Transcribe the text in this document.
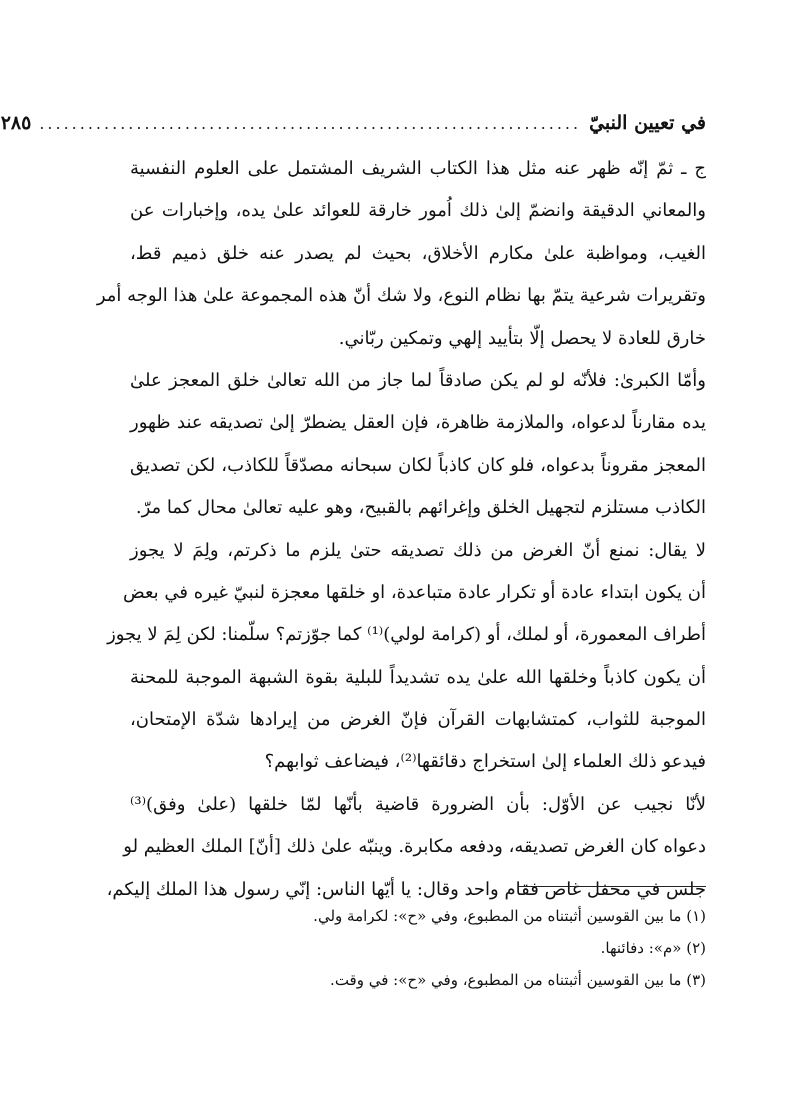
في تعيين النبيّ
...................................................................
٢٨٥
ج ـ ثمّ إنّه ظهر عنه مثل هذا الكتاب الشريف المشتمل على العلوم النفسية
والمعاني الدقيقة وانضمّ إلىٰ ذلك اُمور خارقة للعوائد علىٰ يده، وإخبارات عن
الغيب، ومواظبة علىٰ مكارم الأخلاق، بحيث لم يصدر عنه خلق ذميم قط،
وتقريرات شرعية يتمّ بها نظام النوع، ولا شك أنّ هذه المجموعة علىٰ هذا الوجه أمر
خارق للعادة لا يحصل إلّا بتأييد إلهي وتمكين ربّاني.
وأمّا الكبرىٰ: فلأنّه لو لم يكن صادقاً لما جاز من الله تعالىٰ خلق المعجز علىٰ
يده مقارناً لدعواه، والملازمة ظاهرة، فإن العقل يضطرّ إلىٰ تصديقه عند ظهور
المعجز مقروناً بدعواه، فلو كان كاذباً لكان سبحانه مصدّقاً للكاذب، لكن تصديق
الكاذب مستلزم لتجهيل الخلق وإغرائهم بالقبيح، وهو عليه تعالىٰ محال كما مرّ.
لا يقال: نمنع أنّ الغرض من ذلك تصديقه حتىٰ يلزم ما ذكرتم، ولِمَ لا يجوز
أن يكون ابتداء عادة أو تكرار عادة متباعدة، او خلقها معجزة لنبيّ غيره في بعض
أطراف المعمورة، أو لملك، أو (كرامة لولي)⁽¹⁾ كما جوّزتم؟ سلّمنا: لكن لِمَ لا يجوز
أن يكون كاذباً وخلقها الله علىٰ يده تشديداً للبلية بقوة الشبهة الموجبة للمحنة
الموجبة للثواب، كمتشابهات القرآن فإنّ الغرض من إيرادها شدّة الإمتحان،
فيدعو ذلك العلماء إلىٰ استخراج دقائقها⁽²⁾، فيضاعف ثوابهم؟
لأنّا نجيب عن الأوّل: بأن الضرورة قاضية بأنّها لمّا خلقها (علىٰ وفق)⁽³⁾
دعواه كان الغرض تصديقه، ودفعه مكابرة. وينبّه علىٰ ذلك [أنّ] الملك العظيم لو
جلس في محفل غاص فقام واحد وقال: يا أيّها الناس: إنّي رسول هذا الملك إليكم،
(١) ما بين القوسين أثبتناه من المطبوع، وفي «ح»: لكرامة ولي.
(٢) «م»: دفائنها.
(٣) ما بين القوسين أثبتناه من المطبوع، وفي «ح»: في وقت.
